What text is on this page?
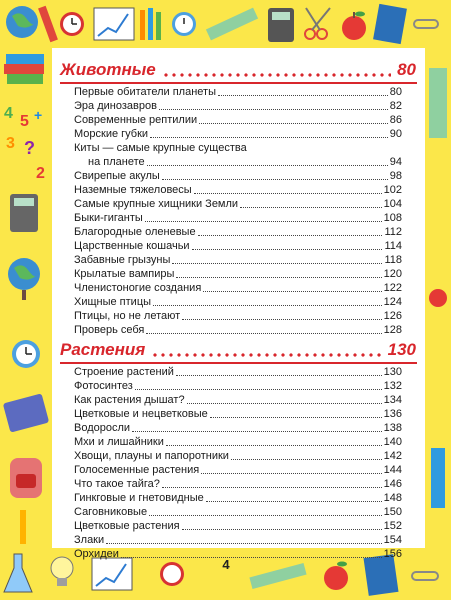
4 5 +
3 ?
2
Животные	80
Первые обитатели планеты	80
Эра динозавров	82
Современные рептилии	86
Морские губки	90
Киты — самые крупные существа
на планете	94
Свирепые акулы	98
Наземные тяжеловесы	102
Самые крупные хищники Земли	104
Быки-гиганты	108
Благородные оленевые	112
Царственные кошачьи	114
Забавные грызуны	118
Крылатые вампиры	120
Членистоногие создания	122
Хищные птицы	124
Птицы, но не летают	126
Проверь себя	128
Растения	130
Строение растений	130
Фотосинтез	132
Как растения дышат?	134
Цветковые и нецветковые	136
Водоросли	138
Мхи и лишайники	140
Хвощи, плауны и папоротники	142
Голосеменные растения	144
Что такое тайга?	146
Гинкговые и гнетовидные	148
Саговниковые	150
Цветковые растения	152
Злаки	154
Орхидеи	156
4
